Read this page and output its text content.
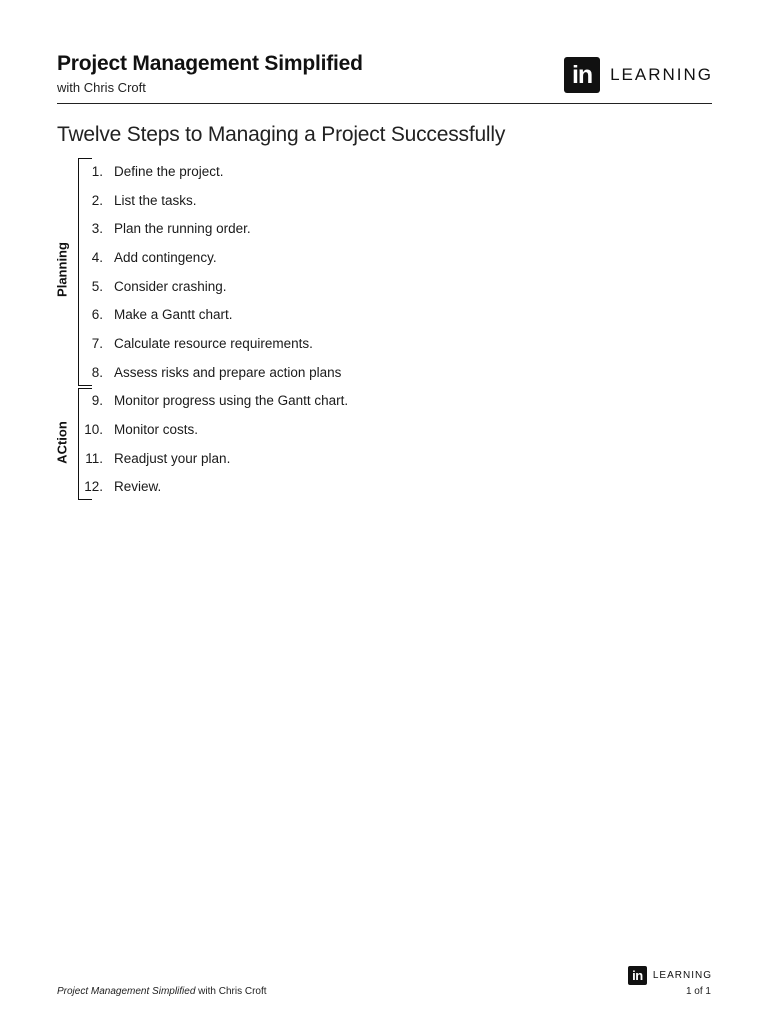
Project Management Simplified
with Chris Croft	in	LEARNING
Twelve Steps to Managing a Project Successfully
Planning
ACtion
1. Define the project.
2. List the tasks.
3. Plan the running order.
4. Add contingency.
5. Consider crashing.
6. Make a Gantt chart.
7. Calculate resource requirements.
8. Assess risks and prepare action plans
9. Monitor progress using the Gantt chart.
10. Monitor costs.
11. Readjust your plan.
12. Review.
Project Management Simplified with Chris Croft
in	LEARNING
1 of 1
